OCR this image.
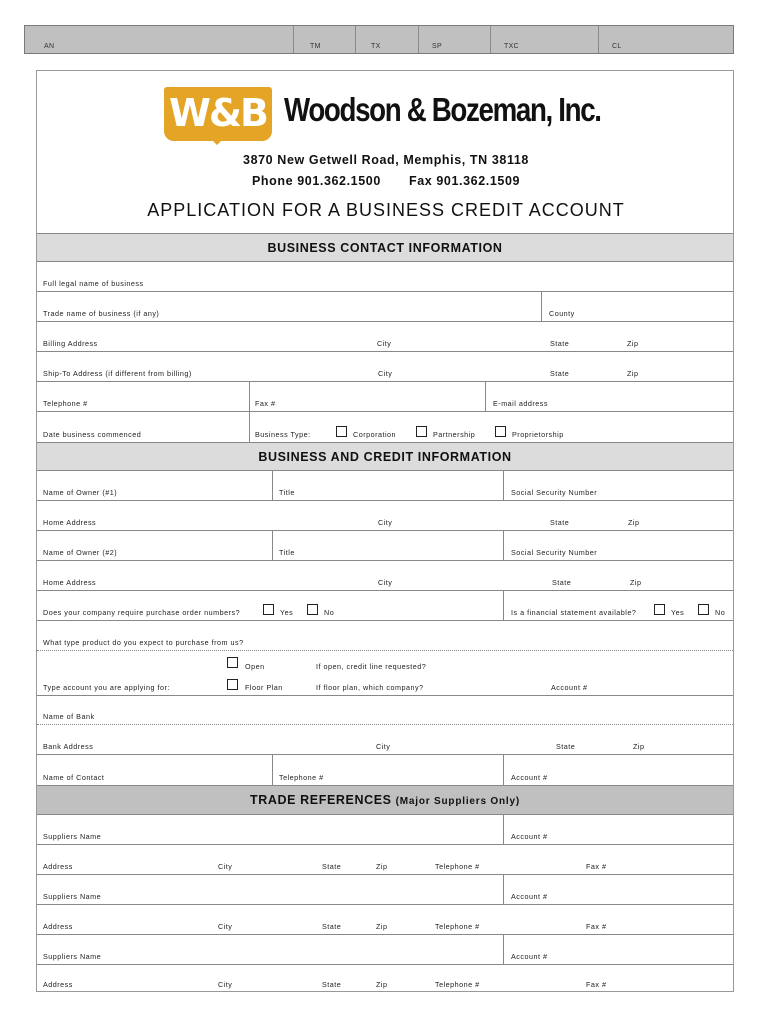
AN	TM	TX	SP	TXC	CL
W&B Woodson & Bozeman, Inc.
3870 New Getwell Road, Memphis, TN 38118
Phone 901.362.1500 Fax 901.362.1509
APPLICATION FOR A BUSINESS CREDIT ACCOUNT
BUSINESS CONTACT INFORMATION
Full legal name of business
Trade name of business (if any)	County
Billing Address	City	State	Zip
Ship-To Address (if different from billing)	City	State	Zip
Telephone #	Fax #	E-mail address
Date business commenced	Business Type:	Corporation	Partnership	Proprietorship
BUSINESS AND CREDIT INFORMATION
Name of Owner (#1)	Title	Social Security Number
Home Address	City	State	Zip
Name of Owner (#2)	Title	Social Security Number
Home Address	City	State	Zip
Does your company require purchase order numbers?	Yes	No	Is a financial statement available?	Yes	No
What type product do you expect to purchase from us?
Open	If open, credit line requested?
Type account you are applying for:	Floor Plan	If floor plan, which company?	Account #
Name of Bank
Bank Address	City	State	Zip
Name of Contact	Telephone #	Account #
TRADE REFERENCES (Major Suppliers Only)
Suppliers Name	Account #
Address	City	State	Zip	Telephone #	Fax #
Suppliers Name	Account #
Address	City	State	Zip	Telephone #	Fax #
Suppliers Name	Account #
Address	City	State	Zip	Telephone #	Fax #
